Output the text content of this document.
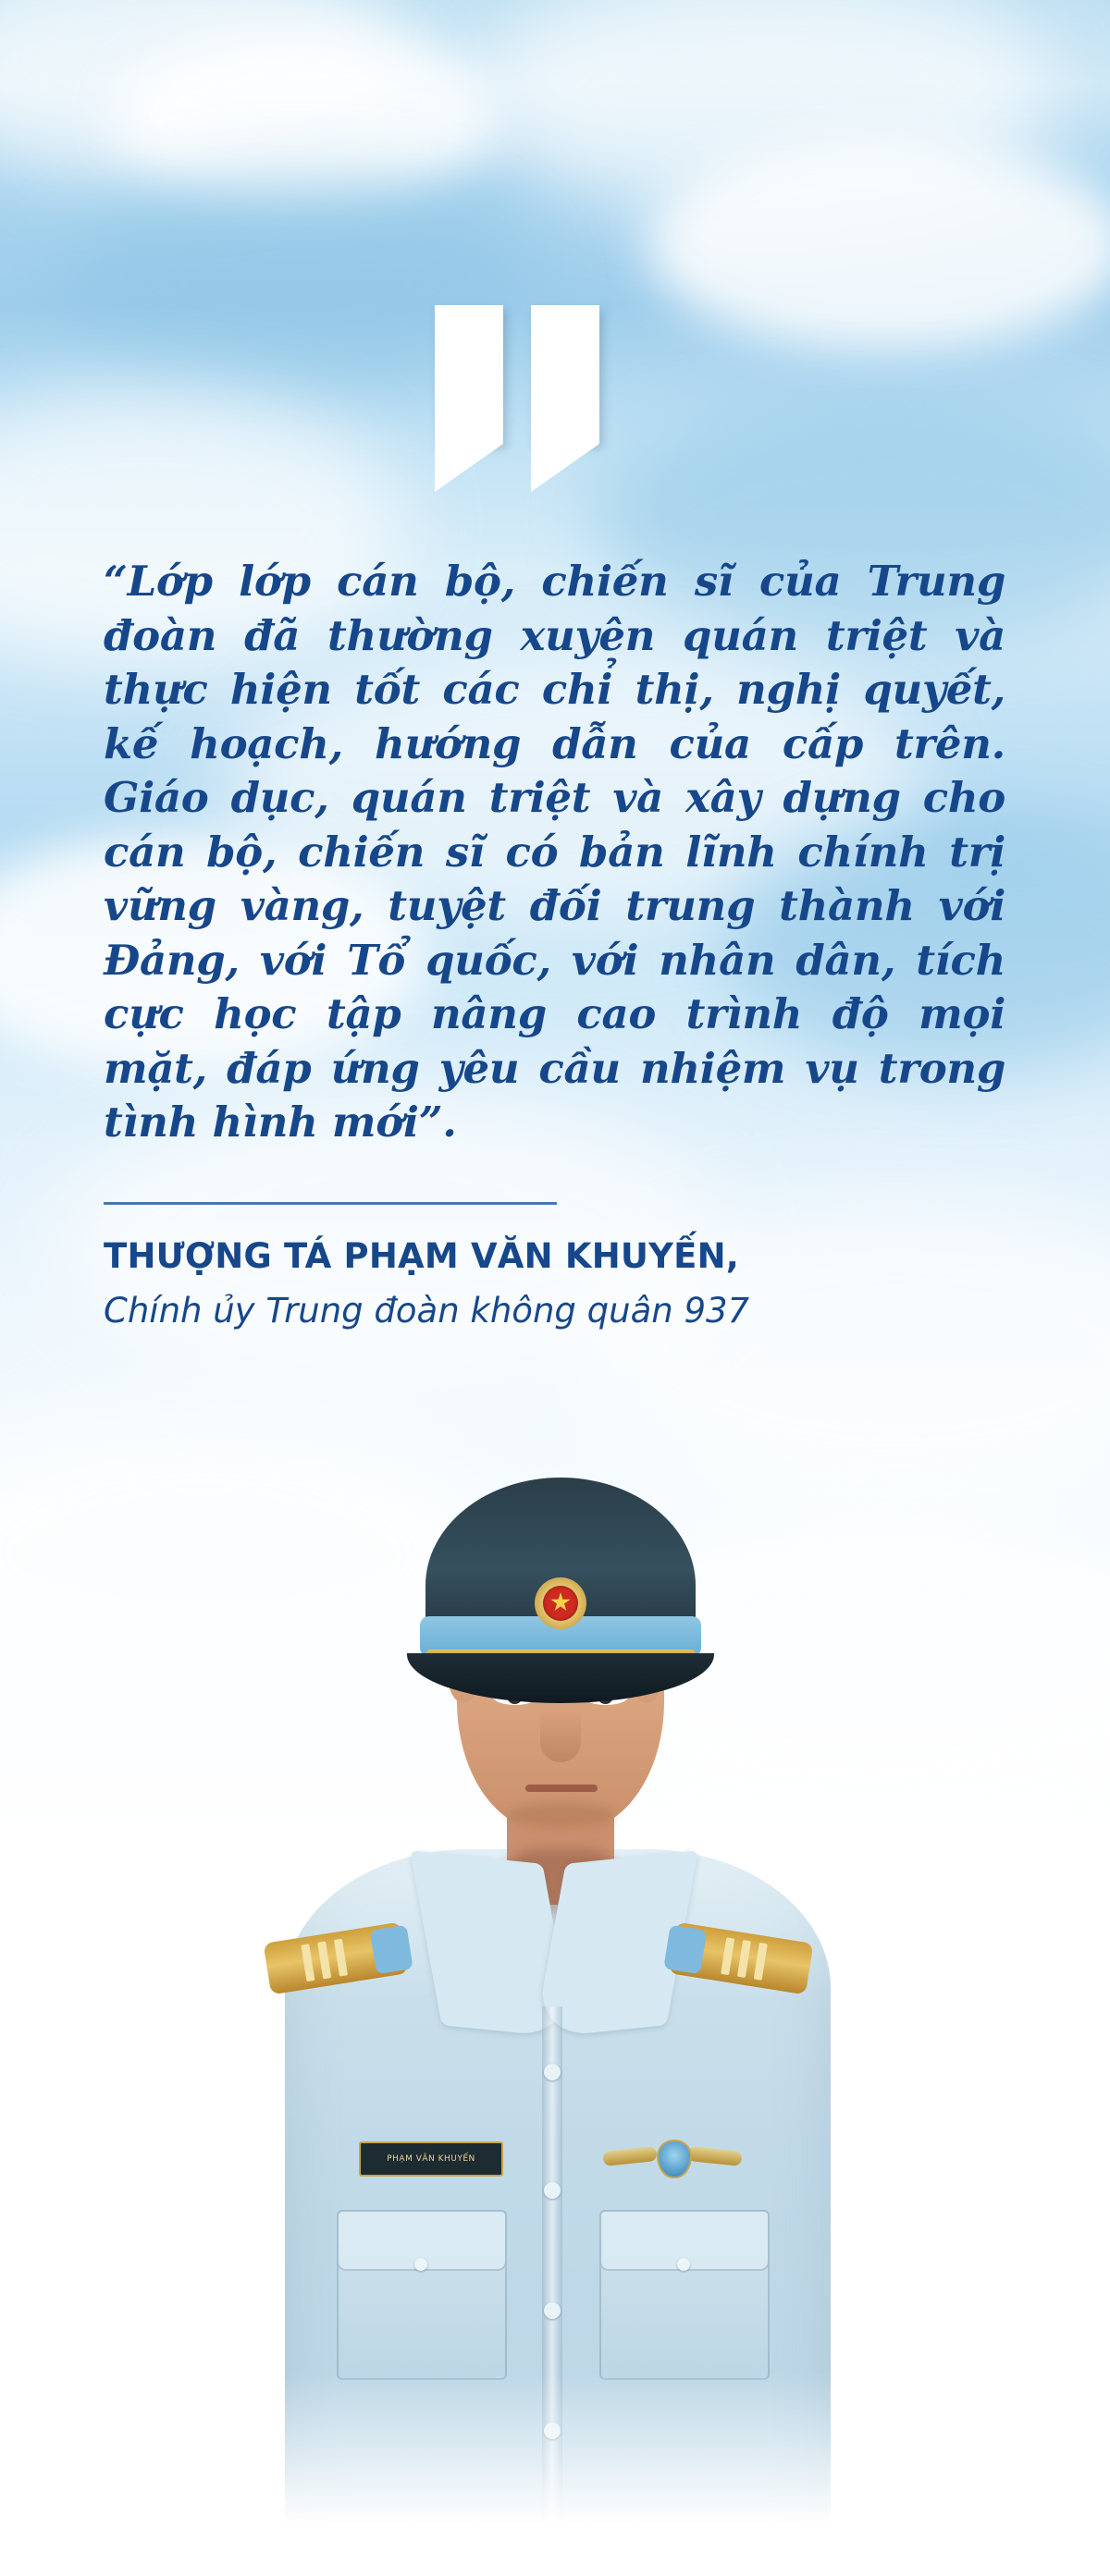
“Lớp lớp cán bộ, chiến sĩ của Trung đoàn đã thường xuyên quán triệt và thực hiện tốt các chỉ thị, nghị quyết, kế hoạch, hướng dẫn của cấp trên. Giáo dục, quán triệt và xây dựng cho cán bộ, chiến sĩ có bản lĩnh chính trị vững vàng, tuyệt đối trung thành với Đảng, với Tổ quốc, với nhân dân, tích cực học tập nâng cao trình độ mọi mặt, đáp ứng yêu cầu nhiệm vụ trong tình hình mới”.

THƯỢNG TÁ PHẠM VĂN KHUYẾN,
Chính ủy Trung đoàn không quân 937
PHẠM VĂN KHUYẾN
